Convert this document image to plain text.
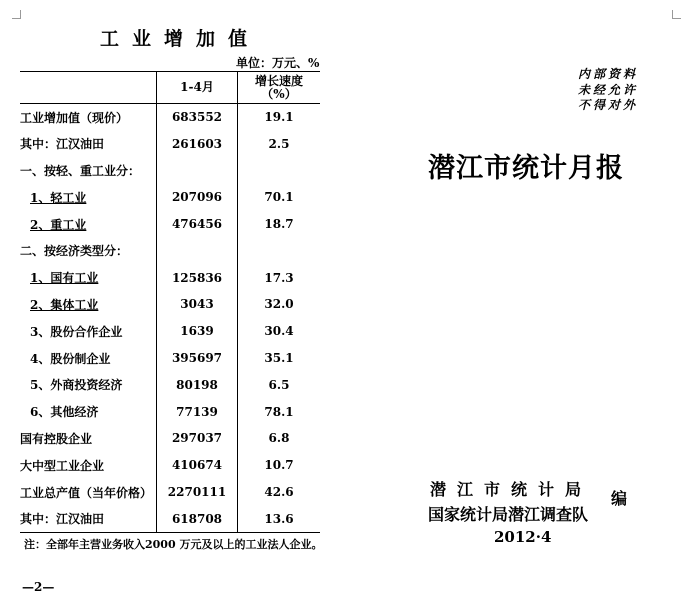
工业增加值
单位：万元、%
	1-4月	增长速度
（%）

工业增加值（现价）	683552	19.1
其中：江汉油田	261603	2.5
一、按轻、重工业分：		
1、轻工业	207096	70.1
2、重工业	476456	18.7
二、按经济类型分：		
1、国有工业	125836	17.3
2、集体工业	3043	32.0
3、股份合作企业	1639	30.4
4、股份制企业	395697	35.1
5、外商投资经济	80198	6.5
6、其他经济	77139	78.1
国有控股企业	297037	6.8
大中型工业企业	410674	10.7
工业总产值（当年价格）	2270111	42.6
其中：江汉油田	618708	13.6
注：全部年主营业务收入2000 万元及以上的工业法人企业。
—2—
内部资料
未经允许
不得对外
潜江市统计月报
潜江市统计局
国家统计局潜江调查队
编
2012·4
